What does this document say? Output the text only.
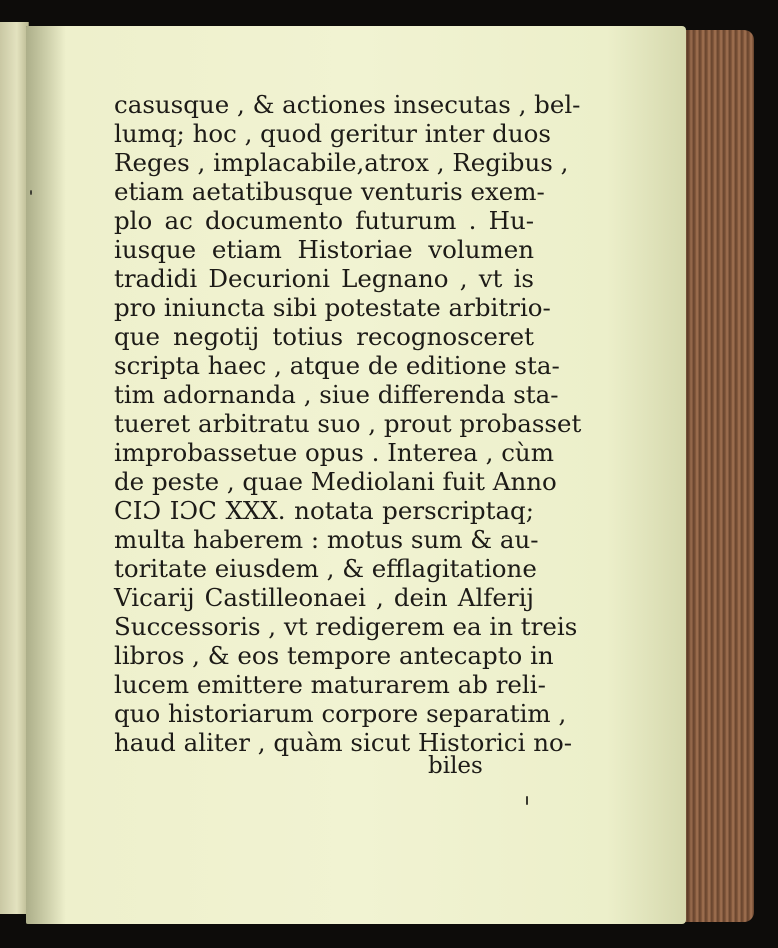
casusque , & actiones insecutas , bel-
lumq; hoc , quod geritur inter duos
Reges , implacabile,atrox , Regibus ,
etiam aetatibusque venturis exem-
plo ac documento futurum . Hu-
iusque etiam Historiae volumen
tradidi Decurioni Legnano , vt is
pro iniuncta sibi potestate arbitrio-
que negotij totius recognosceret
scripta haec , atque de editione sta-
tim adornanda , siue differenda sta-
tueret arbitratu suo , prout probasset
improbassetue opus . Interea , cùm
de peste , quae Mediolani fuit Anno
CIƆ IƆC XXX. notata perscriptaq;
multa haberem : motus sum & au-
toritate eiusdem , & efflagitatione
Vicarij Castilleonaei , dein Alferij
Successoris , vt redigerem ea in treis
libros , & eos tempore antecapto in
lucem emittere maturarem ab reli-
quo historiarum corpore separatim ,
haud aliter , quàm sicut Historici no-
biles
